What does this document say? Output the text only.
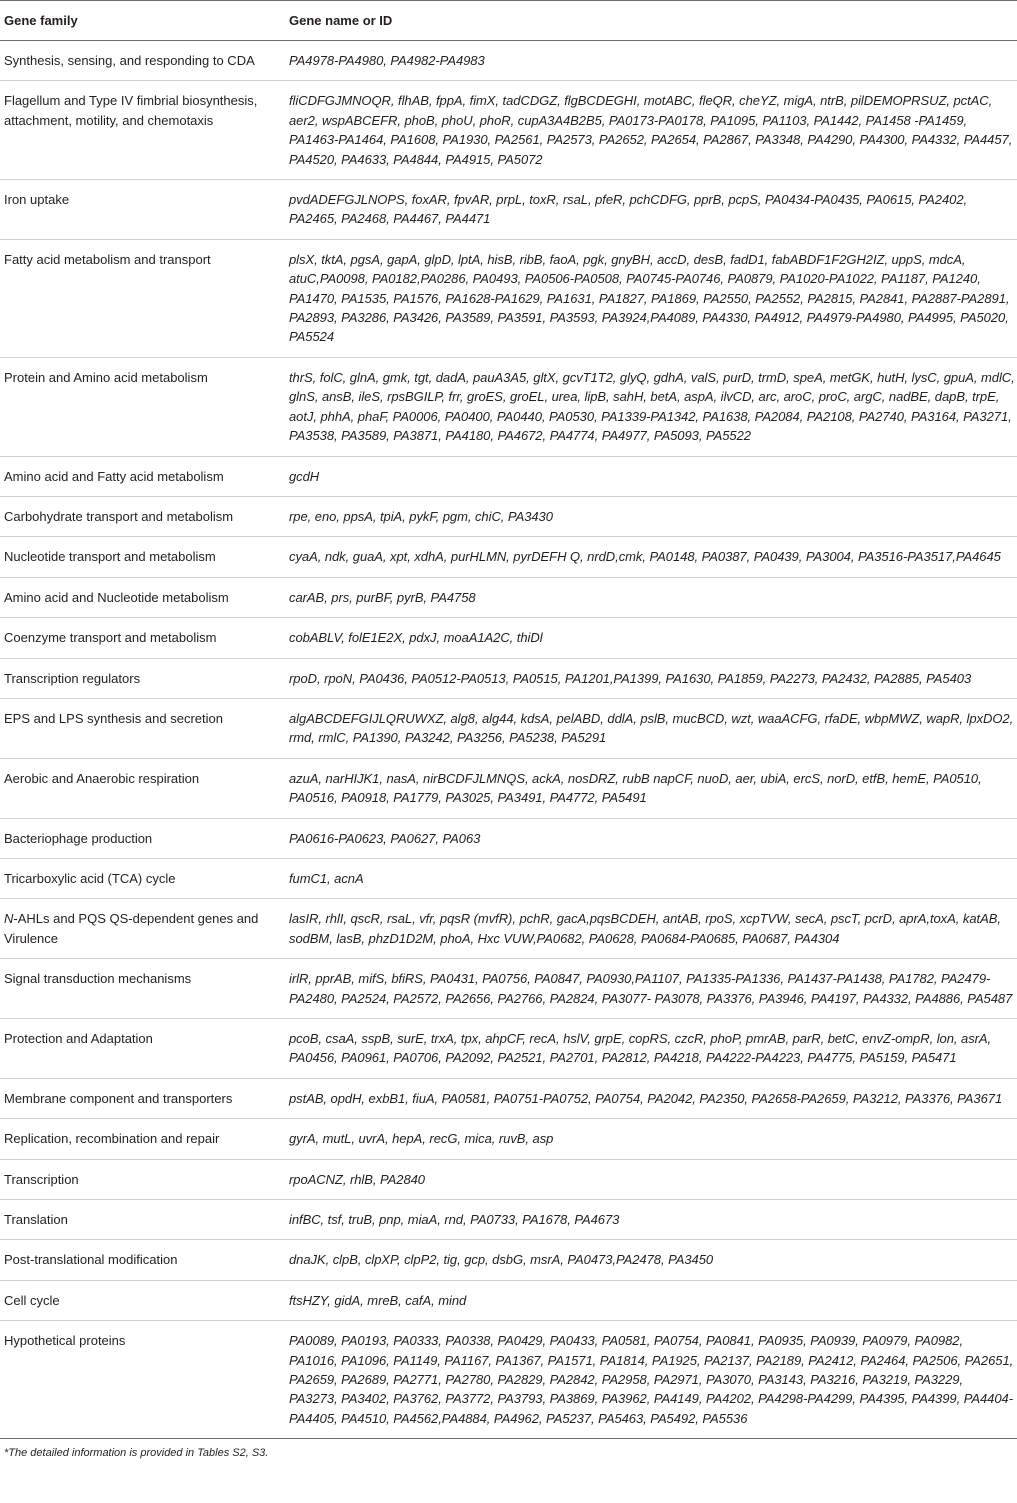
Gene family	Gene name or ID
Synthesis, sensing, and responding to CDA	PA4978-PA4980, PA4982-PA4983
Flagellum and Type IV fimbrial biosynthesis, attachment, motility, and chemotaxis	fliCDFGJMNOQR, flhAB, fppA, fimX, tadCDGZ, flgBCDEGHI, motABC, fleQR, cheYZ, migA, ntrB, pilDEMOPRSUZ, pctAC, aer2, wspABCEFR, phoB, phoU, phoR, cupA3A4B2B5, PA0173-PA0178, PA1095, PA1103, PA1442, PA1458 -PA1459, PA1463-PA1464, PA1608, PA1930, PA2561, PA2573, PA2652, PA2654, PA2867, PA3348, PA4290, PA4300, PA4332, PA4457, PA4520, PA4633, PA4844, PA4915, PA5072
Iron uptake	pvdADEFGJLNOPS, foxAR, fpvAR, prpL, toxR, rsaL, pfeR, pchCDFG, pprB, pcpS, PA0434-PA0435, PA0615, PA2402, PA2465, PA2468, PA4467, PA4471
Fatty acid metabolism and transport	plsX, tktA, pgsA, gapA, glpD, lptA, hisB, ribB, faoA, pgk, gnyBH, accD, desB, fadD1, fabABDF1F2GH2IZ, uppS, mdcA, atuC,PA0098, PA0182,PA0286, PA0493, PA0506-PA0508, PA0745-PA0746, PA0879, PA1020-PA1022, PA1187, PA1240, PA1470, PA1535, PA1576, PA1628-PA1629, PA1631, PA1827, PA1869, PA2550, PA2552, PA2815, PA2841, PA2887-PA2891, PA2893, PA3286, PA3426, PA3589, PA3591, PA3593, PA3924,PA4089, PA4330, PA4912, PA4979-PA4980, PA4995, PA5020, PA5524
Protein and Amino acid metabolism	thrS, folC, glnA, gmk, tgt, dadA, pauA3A5, gltX, gcvT1T2, glyQ, gdhA, valS, purD, trmD, speA, metGK, hutH, lysC, gpuA, mdlC, glnS, ansB, ileS, rpsBGILP, frr, groES, groEL, urea, lipB, sahH, betA, aspA, ilvCD, arc, aroC, proC, argC, nadBE, dapB, trpE, aotJ, phhA, phaF, PA0006, PA0400, PA0440, PA0530, PA1339-PA1342, PA1638, PA2084, PA2108, PA2740, PA3164, PA3271, PA3538, PA3589, PA3871, PA4180, PA4672, PA4774, PA4977, PA5093, PA5522
Amino acid and Fatty acid metabolism	gcdH
Carbohydrate transport and metabolism	rpe, eno, ppsA, tpiA, pykF, pgm, chiC, PA3430
Nucleotide transport and metabolism	cyaA, ndk, guaA, xpt, xdhA, purHLMN, pyrDEFH Q, nrdD,cmk, PA0148, PA0387, PA0439, PA3004, PA3516-PA3517,PA4645
Amino acid and Nucleotide metabolism	carAB, prs, purBF, pyrB, PA4758
Coenzyme transport and metabolism	cobABLV, folE1E2X, pdxJ, moaA1A2C, thiDl
Transcription regulators	rpoD, rpoN, PA0436, PA0512-PA0513, PA0515, PA1201,PA1399, PA1630, PA1859, PA2273, PA2432, PA2885, PA5403
EPS and LPS synthesis and secretion	algABCDEFGIJLQRUWXZ, alg8, alg44, kdsA, pelABD, ddlA, pslB, mucBCD, wzt, waaACFG, rfaDE, wbpMWZ, wapR, lpxDO2, rmd, rmlC, PA1390, PA3242, PA3256, PA5238, PA5291
Aerobic and Anaerobic respiration	azuA, narHIJK1, nasA, nirBCDFJLMNQS, ackA, nosDRZ, rubB napCF, nuoD, aer, ubiA, ercS, norD, etfB, hemE, PA0510, PA0516, PA0918, PA1779, PA3025, PA3491, PA4772, PA5491
Bacteriophage production	PA0616-PA0623, PA0627, PA063
Tricarboxylic acid (TCA) cycle	fumC1, acnA
N-AHLs and PQS QS-dependent genes and Virulence	lasIR, rhlI, qscR, rsaL, vfr, pqsR (mvfR), pchR, gacA,pqsBCDEH, antAB, rpoS, xcpTVW, secA, pscT, pcrD, aprA,toxA, katAB, sodBM, lasB, phzD1D2M, phoA, Hxc VUW,PA0682, PA0628, PA0684-PA0685, PA0687, PA4304
Signal transduction mechanisms	irlR, pprAB, mifS, bfiRS, PA0431, PA0756, PA0847, PA0930,PA1107, PA1335-PA1336, PA1437-PA1438, PA1782, PA2479-PA2480, PA2524, PA2572, PA2656, PA2766, PA2824, PA3077- PA3078, PA3376, PA3946, PA4197, PA4332, PA4886, PA5487
Protection and Adaptation	pcoB, csaA, sspB, surE, trxA, tpx, ahpCF, recA, hslV, grpE, copRS, czcR, phoP, pmrAB, parR, betC, envZ-ompR, lon, asrA, PA0456, PA0961, PA0706, PA2092, PA2521, PA2701, PA2812, PA4218, PA4222-PA4223, PA4775, PA5159, PA5471
Membrane component and transporters	pstAB, opdH, exbB1, fiuA, PA0581, PA0751-PA0752, PA0754, PA2042, PA2350, PA2658-PA2659, PA3212, PA3376, PA3671
Replication, recombination and repair	gyrA, mutL, uvrA, hepA, recG, mica, ruvB, asp
Transcription	rpoACNZ, rhlB, PA2840
Translation	infBC, tsf, truB, pnp, miaA, rnd, PA0733, PA1678, PA4673
Post-translational modification	dnaJK, clpB, clpXP, clpP2, tig, gcp, dsbG, msrA, PA0473,PA2478, PA3450
Cell cycle	ftsHZY, gidA, mreB, cafA, mind
Hypothetical proteins	PA0089, PA0193, PA0333, PA0338, PA0429, PA0433, PA0581, PA0754, PA0841, PA0935, PA0939, PA0979, PA0982, PA1016, PA1096, PA1149, PA1167, PA1367, PA1571, PA1814, PA1925, PA2137, PA2189, PA2412, PA2464, PA2506, PA2651, PA2659, PA2689, PA2771, PA2780, PA2829, PA2842, PA2958, PA2971, PA3070, PA3143, PA3216, PA3219, PA3229, PA3273, PA3402, PA3762, PA3772, PA3793, PA3869, PA3962, PA4149, PA4202, PA4298-PA4299, PA4395, PA4399, PA4404-PA4405, PA4510, PA4562,PA4884, PA4962, PA5237, PA5463, PA5492, PA5536
*The detailed information is provided in Tables S2, S3.
